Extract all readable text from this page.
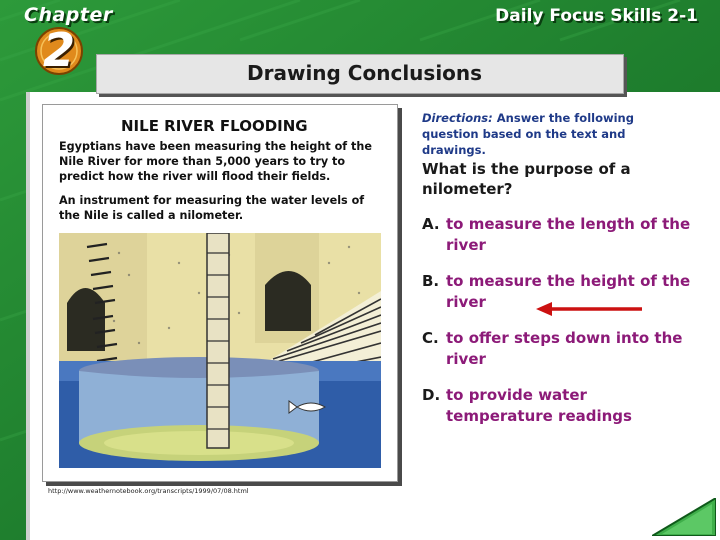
Chapter
2
Daily Focus Skills 2-1
Drawing Conclusions
NILE RIVER FLOODING
Egyptians have been measuring the height of the Nile River for more than 5,000 years to try to predict how the river will flood their fields.
An instrument for measuring the water levels of the Nile is called a nilometer.
http://www.weathernotebook.org/transcripts/1999/07/08.html
Directions: Answer the following question based on the text and drawings.
What is the purpose of a nilometer?
A. to measure the length of the river
B. to measure the height of the river
C. to offer steps down into the river
D. to provide water temperature readings
